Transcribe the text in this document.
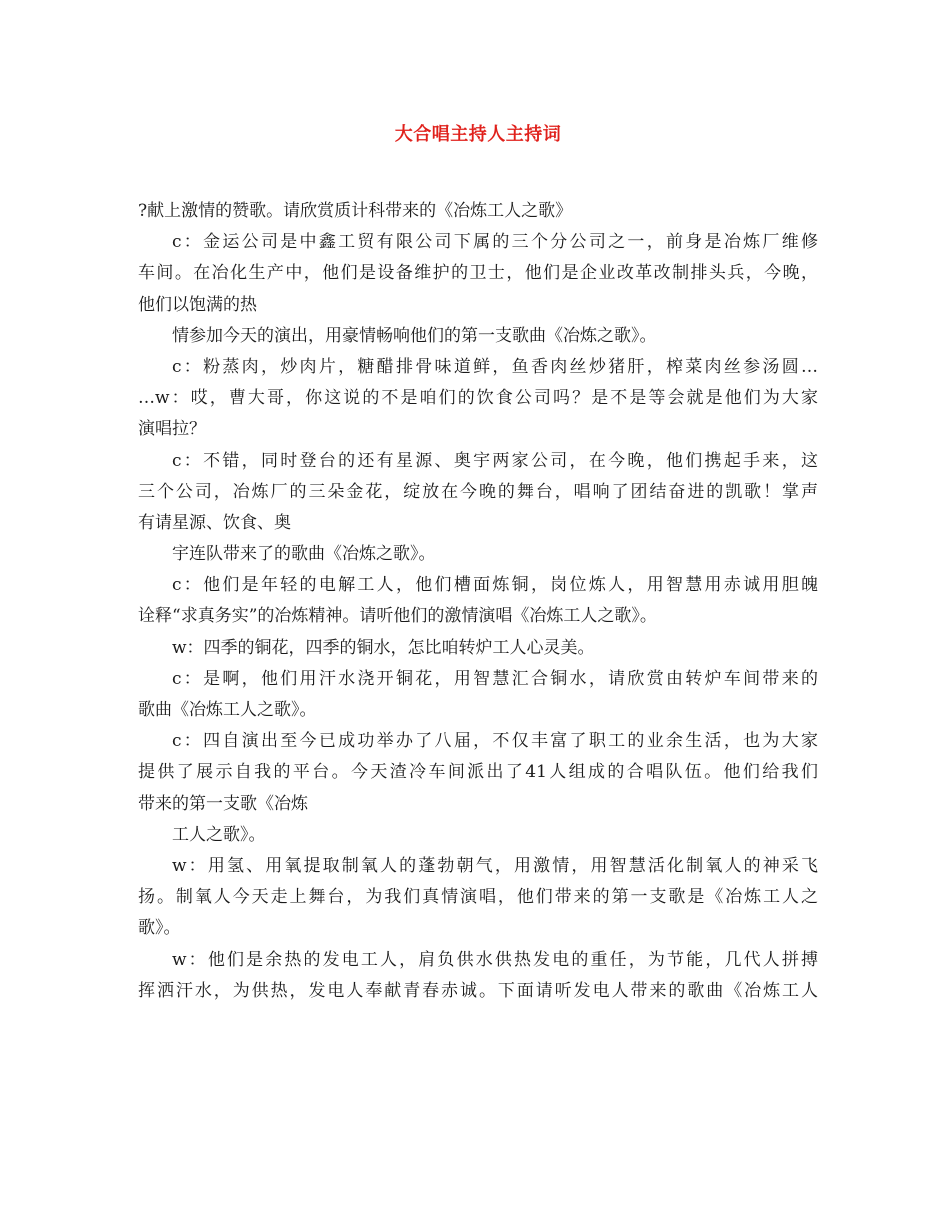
大合唱主持人主持词
?献上激情的赞歌。请欣赏质计科带来的《冶炼工人之歌》
c：金运公司是中鑫工贸有限公司下属的三个分公司之一，前身是冶炼厂维修
车间。在冶化生产中，他们是设备维护的卫士，他们是企业改革改制排头兵，今晚，
他们以饱满的热
情参加今天的演出，用豪情畅响他们的第一支歌曲《冶炼之歌》。
c：粉蒸肉，炒肉片，糖醋排骨味道鲜，鱼香肉丝炒猪肝，榨菜肉丝参汤圆…
…w：哎，曹大哥，你这说的不是咱们的饮食公司吗？是不是等会就是他们为大家
演唱拉？
c：不错，同时登台的还有星源、奥宇两家公司，在今晚，他们携起手来，这
三个公司，冶炼厂的三朵金花，绽放在今晚的舞台，唱响了团结奋进的凯歌！掌声
有请星源、饮食、奥
宇连队带来了的歌曲《冶炼之歌》。
c：他们是年轻的电解工人，他们槽面炼铜，岗位炼人，用智慧用赤诚用胆魄
诠释“求真务实”的冶炼精神。请听他们的激情演唱《冶炼工人之歌》。
w：四季的铜花，四季的铜水，怎比咱转炉工人心灵美。
c：是啊，他们用汗水浇开铜花，用智慧汇合铜水，请欣赏由转炉车间带来的
歌曲《冶炼工人之歌》。
c：四自演出至今已成功举办了八届，不仅丰富了职工的业余生活，也为大家
提供了展示自我的平台。今天渣冷车间派出了41人组成的合唱队伍。他们给我们
带来的第一支歌《冶炼
工人之歌》。
w：用氢、用氧提取制氧人的蓬勃朝气，用激情，用智慧活化制氧人的神采飞
扬。制氧人今天走上舞台，为我们真情演唱，他们带来的第一支歌是《冶炼工人之
歌》。
w：他们是余热的发电工人，肩负供水供热发电的重任，为节能，几代人拼搏
挥洒汗水，为供热，发电人奉献青春赤诚。下面请听发电人带来的歌曲《冶炼工人
